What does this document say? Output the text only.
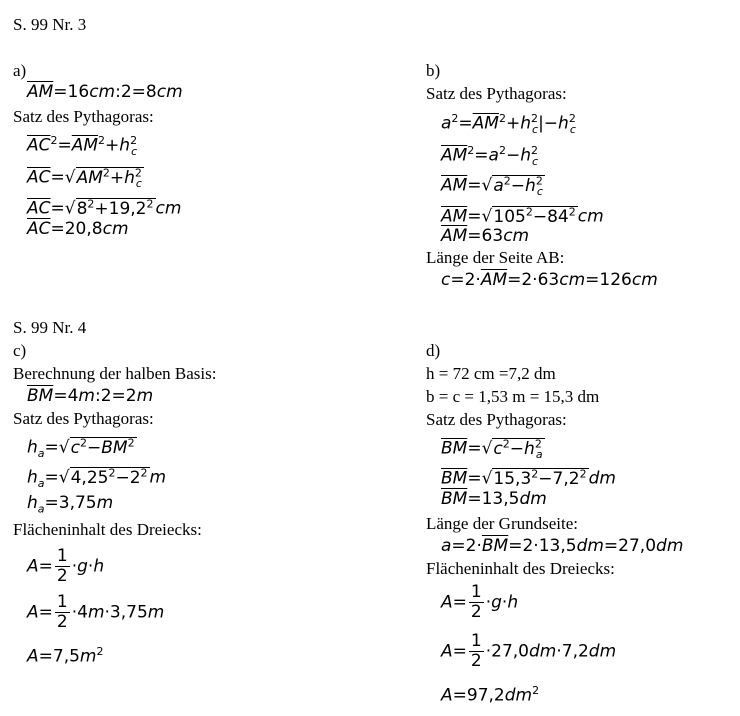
S. 99 Nr. 3
a)
$\overline{AM}=16cm:2=8cm$
Satz des Pythagoras:
$\overline{AC}^2=\overline{AM}^2+h^2_c$
$\overline{AC}=√AM^2+h^2_c$
$\overline{AC}=√8^2+19,2^2$ cm
$\overline{AC}=20,8cm$
b)
Satz des Pythagoras:
$a^2=\overline{AM}^2+h^2_c|-h^2_c$
$\overline{AM}^2=a^2-h^2_c$
$\overline{AM}=√a^2-h^2_c$
$\overline{AM}=√105^2-84^2$ cm
$\overline{AM}=63cm$
Länge der Seite AB:
$c=2\cdot\overline{AM}=2\cdot 63cm=126cm$
S. 99 Nr. 4
c)
Berechnung der halben Basis:
$\overline{BM}=4m:2=2m$
Satz des Pythagoras:
$h_a=√c^2-\overline{BM}^2$
$h_a=√4,25^2-2^2$ m
$h_a=3,75m$
Flächeninhalt des Dreiecks:
$A= \frac{1}{2} \cdot g\cdot h$
$A= \frac{1}{2} \cdot 4m\cdot 3,75m$
$A=7,5m^2$
d)
h = 72 cm =7,2 dm
b = c = 1,53 m = 15,3 dm
Satz des Pythagoras:
$\overline{BM}=√c^2-h^2_a$
$\overline{BM}=√15,3^2-7,2^2$ dm
$\overline{BM}=13,5dm$
Länge der Grundseite:
$a=2\cdot\overline{BM}=2\cdot 13,5dm=27,0dm$
Flächeninhalt des Dreiecks:
$A= \frac{1}{2} \cdot g\cdot h$
$A= \frac{1}{2} \cdot 27,0dm\cdot 7,2dm$
$A=97,2dm^2$
